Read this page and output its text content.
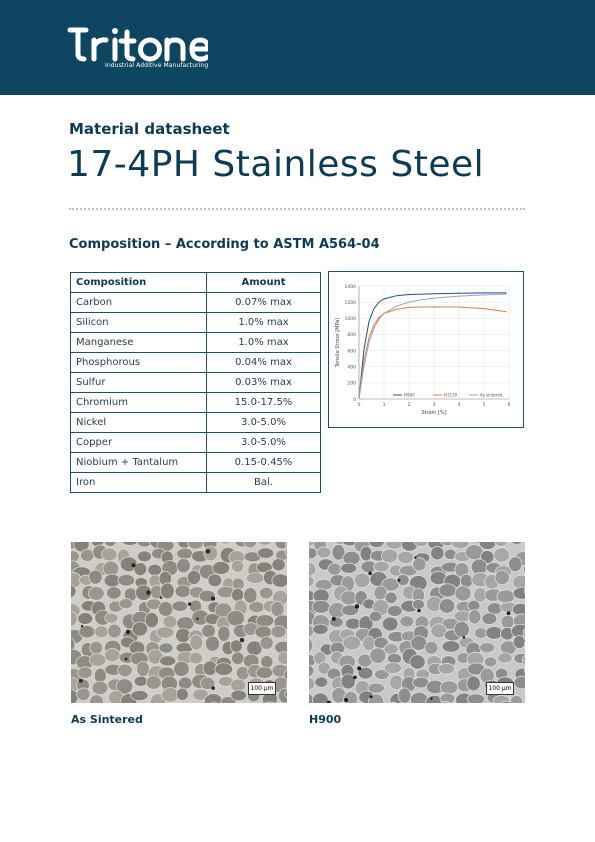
Industrial Additive Manufacturing
Material datasheet
17-4PH Stainless Steel
Composition – According to ASTM A564-04
Composition	Amount
Carbon	0.07% max
Silicon	1.0% max
Manganese	1.0% max
Phosphorous	0.04% max
Sulfur	0.03% max
Chromium	15.0-17.5%
Nickel	3.0-5.0%
Copper	3.0-5.0%
Niobium + Tantalum	0.15-0.45%
Iron	Bal.
0
200
400
600
800
1000
1200
1400
0	1	2	3	4	5	6
Strain [%]
Tensile Stress [MPa]
H900	H1150	As sintered
100 μm	100 μm
As Sintered	H900
